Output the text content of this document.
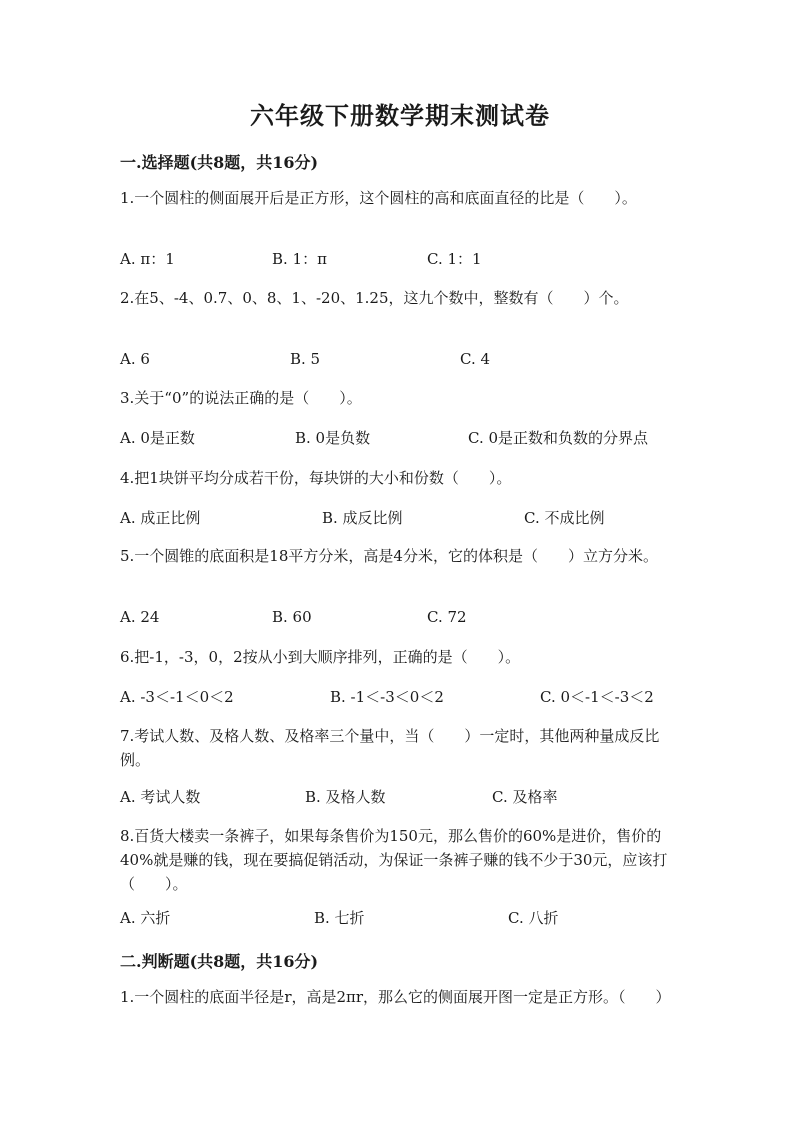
六年级下册数学期末测试卷
一.选择题(共8题，共16分)
1.一个圆柱的侧面展开后是正方形，这个圆柱的高和底面直径的比是（　　）。
A. π：1	B. 1：π	C. 1：1
2.在5、-4、0.7、0、8、1、-20、1.25，这九个数中，整数有（　　）个。
A. 6	B. 5	C. 4
3.关于“0”的说法正确的是（　　）。
A. 0是正数	B. 0是负数	C. 0是正数和负数的分界点
4.把1块饼平均分成若干份，每块饼的大小和份数（　　）。
A. 成正比例	B. 成反比例	C. 不成比例
5.一个圆锥的底面积是18平方分米，高是4分米，它的体积是（　　）立方分米。
A. 24	B. 60	C. 72
6.把-1，-3，0，2按从小到大顺序排列，正确的是（　　）。
A. -3＜-1＜0＜2	B. -1＜-3＜0＜2	C. 0＜-1＜-3＜2
7.考试人数、及格人数、及格率三个量中，当（　　）一定时，其他两种量成反比例。
A. 考试人数	B. 及格人数	C. 及格率
8.百货大楼卖一条裤子，如果每条售价为150元，那么售价的60%是进价，售价的40%就是赚的钱，现在要搞促销活动，为保证一条裤子赚的钱不少于30元，应该打（　　）。
A. 六折	B. 七折	C. 八折
二.判断题(共8题，共16分)
1.一个圆柱的底面半径是r，高是2πr，那么它的侧面展开图一定是正方形。（　　）
